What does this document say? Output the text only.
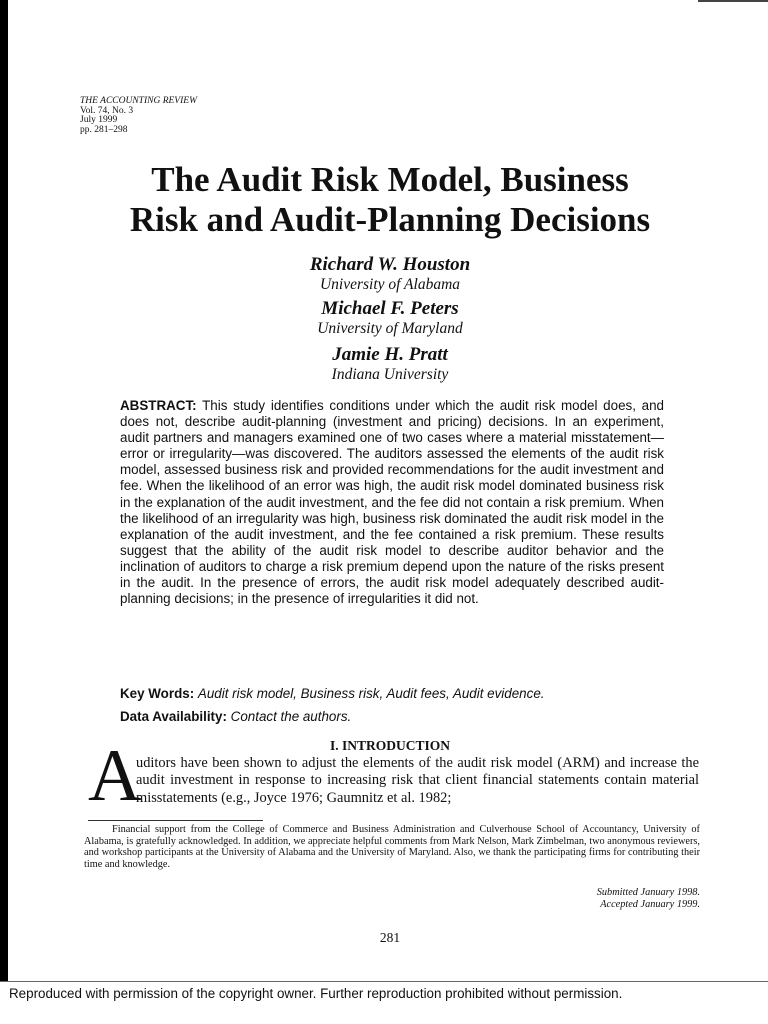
THE ACCOUNTING REVIEW
Vol. 74, No. 3
July 1999
pp. 281–298
The Audit Risk Model, Business
Risk and Audit-Planning Decisions
Richard W. Houston
University of Alabama
Michael F. Peters
University of Maryland
Jamie H. Pratt
Indiana University

ABSTRACT: This study identifies conditions under which the audit risk model does, and does not, describe audit-planning (investment and pricing) decisions. In an experiment, audit partners and managers examined one of two cases where a material misstatement—error or irregularity—was discovered. The auditors assessed the elements of the audit risk model, assessed business risk and provided recommendations for the audit investment and fee. When the likelihood of an error was high, the audit risk model dominated business risk in the explanation of the audit investment, and the fee did not contain a risk premium. When the likelihood of an irregularity was high, business risk dominated the audit risk model in the explanation of the audit investment, and the fee contained a risk premium. These results suggest that the ability of the audit risk model to describe auditor behavior and the inclination of auditors to charge a risk premium depend upon the nature of the risks present in the audit. In the presence of errors, the audit risk model adequately described audit-planning decisions; in the presence of irregularities it did not.

Key Words: Audit risk model, Business risk, Audit fees, Audit evidence.
Data Availability: Contact the authors.
I. INTRODUCTION
A

uditors have been shown to adjust the elements of the audit risk model (ARM) and increase the audit investment in response to increasing risk that client financial statements contain material misstatements (e.g., Joyce 1976; Gaumnitz et al. 1982;

Financial support from the College of Commerce and Business Administration and Culverhouse School of Accountancy, University of Alabama, is gratefully acknowledged. In addition, we appreciate helpful comments from Mark Nelson, Mark Zimbelman, two anonymous reviewers, and workshop participants at the University of Alabama and the University of Maryland. Also, we thank the participating firms for contributing their time and knowledge.

Submitted January 1998.
Accepted January 1999.
281
Reproduced with permission of the copyright owner. Further reproduction prohibited without permission.
